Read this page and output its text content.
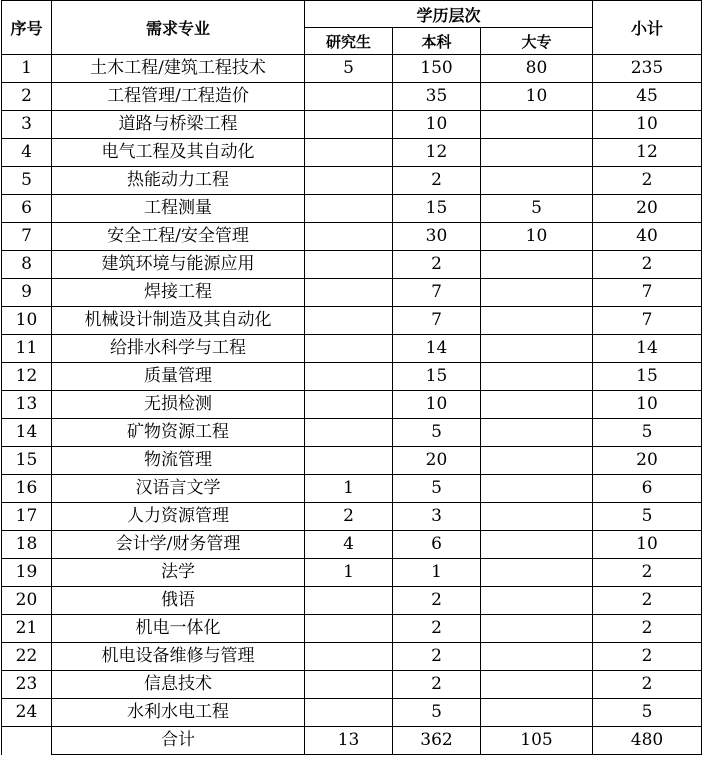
序号	需求专业	学历层次			小计
		研究生	本科	大专	
1	土木工程/建筑工程技术	5	150	80	235
2	工程管理/工程造价		35	10	45
3	道路与桥梁工程		10		10
4	电气工程及其自动化		12		12
5	热能动力工程		2		2
6	工程测量		15	5	20
7	安全工程/安全管理		30	10	40
8	建筑环境与能源应用		2		2
9	焊接工程		7		7
10	机械设计制造及其自动化		7		7
11	给排水科学与工程		14		14
12	质量管理		15		15
13	无损检测		10		10
14	矿物资源工程		5		5
15	物流管理		20		20
16	汉语言文学	1	5		6
17	人力资源管理	2	3		5
18	会计学/财务管理	4	6		10
19	法学	1	1		2
20	俄语		2		2
21	机电一体化		2		2
22	机电设备维修与管理		2		2
23	信息技术		2		2
24	水利水电工程		5		5
	合计	13	362	105	480
